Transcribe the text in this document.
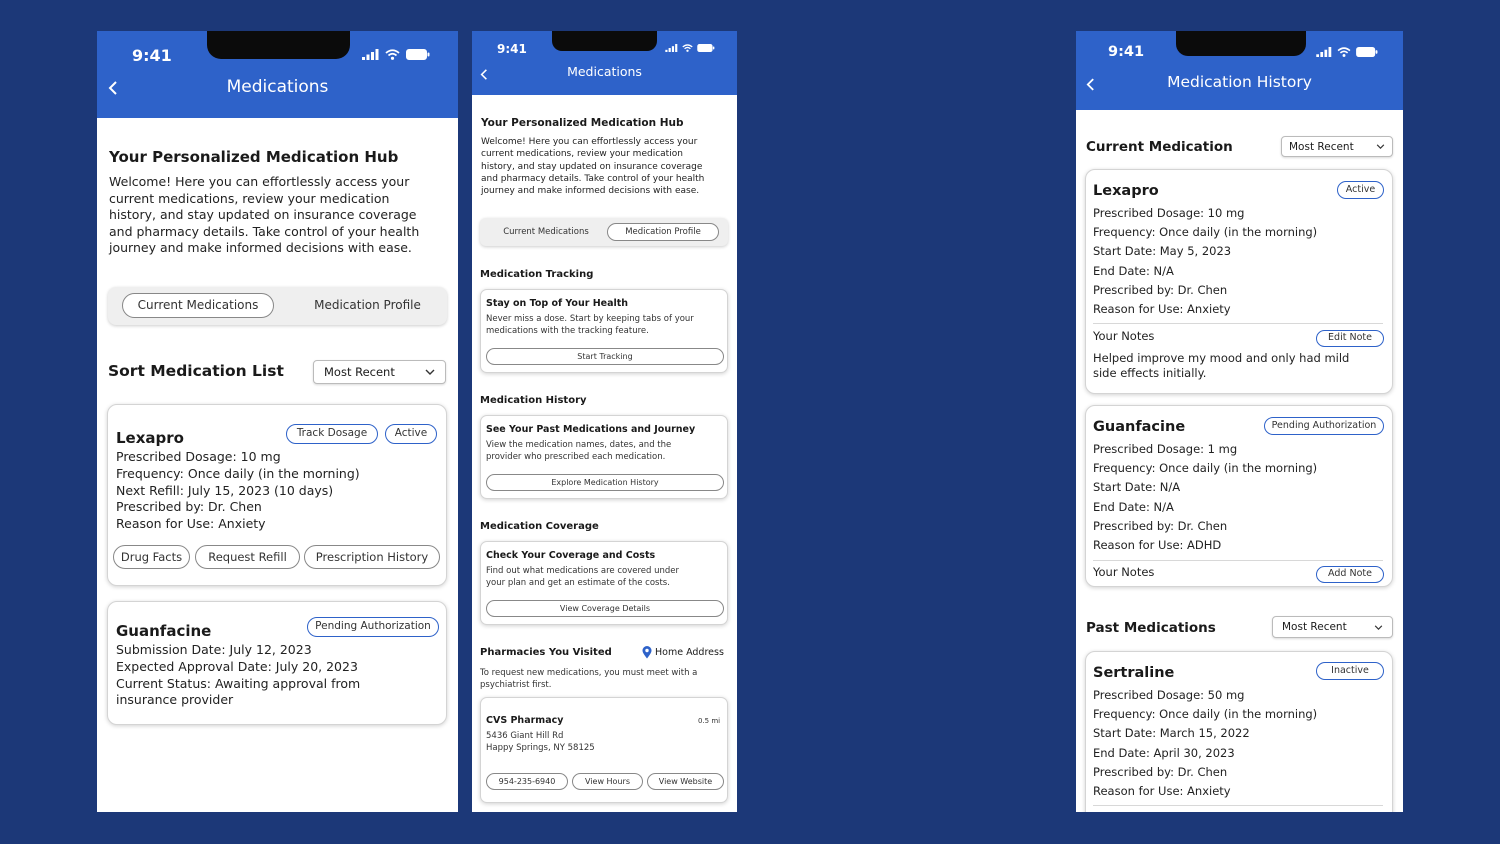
9:41
Medications
Your Personalized Medication Hub
Welcome! Here you can effortlessly access your
current medications, review your medication
history, and stay updated on insurance coverage
and pharmacy details. Take control of your health
journey and make informed decisions with ease.
Current Medications	Medication Profile
Sort Medication List	Most Recent
Lexapro	Track Dosage	Active
Prescribed Dosage: 10 mg
Frequency: Once daily (in the morning)
Next Refill: July 15, 2023 (10 days)
Prescribed by: Dr. Chen
Reason for Use: Anxiety
Drug Facts	Request Refill	Prescription History
Guanfacine	Pending Authorization
Submission Date: July 12, 2023
Expected Approval Date: July 20, 2023
Current Status: Awaiting approval from
insurance provider
9:41
Medications
Your Personalized Medication Hub
Welcome! Here you can effortlessly access your
current medications, review your medication
history, and stay updated on insurance coverage
and pharmacy details. Take control of your health
journey and make informed decisions with ease.
Current Medications	Medication Profile
Medication Tracking
Stay on Top of Your Health
Never miss a dose. Start by keeping tabs of your
medications with the tracking feature.
Start Tracking
Medication History
See Your Past Medications and Journey
View the medication names, dates, and the
provider who prescribed each medication.
Explore Medication History
Medication Coverage
Check Your Coverage and Costs
Find out what medications are covered under
your plan and get an estimate of the costs.
View Coverage Details
Pharmacies You Visited	Home Address
To request new medications, you must meet with a
psychiatrist first.
CVS Pharmacy	0.5 mi
5436 Giant Hill Rd
Happy Springs, NY 58125
954-235-6940	View Hours	View Website
9:41
Medication History
Current Medication	Most Recent
Lexapro	Active
Prescribed Dosage: 10 mg
Frequency: Once daily (in the morning)
Start Date: May 5, 2023
End Date: N/A
Prescribed by: Dr. Chen
Reason for Use: Anxiety
Your Notes	Edit Note
Helped improve my mood and only had mild
side effects initially.
Guanfacine	Pending Authorization
Prescribed Dosage: 1 mg
Frequency: Once daily (in the morning)
Start Date: N/A
End Date: N/A
Prescribed by: Dr. Chen
Reason for Use: ADHD
Your Notes	Add Note
Past Medications	Most Recent
Sertraline	Inactive
Prescribed Dosage: 50 mg
Frequency: Once daily (in the morning)
Start Date: March 15, 2022
End Date: April 30, 2023
Prescribed by: Dr. Chen
Reason for Use: Anxiety
